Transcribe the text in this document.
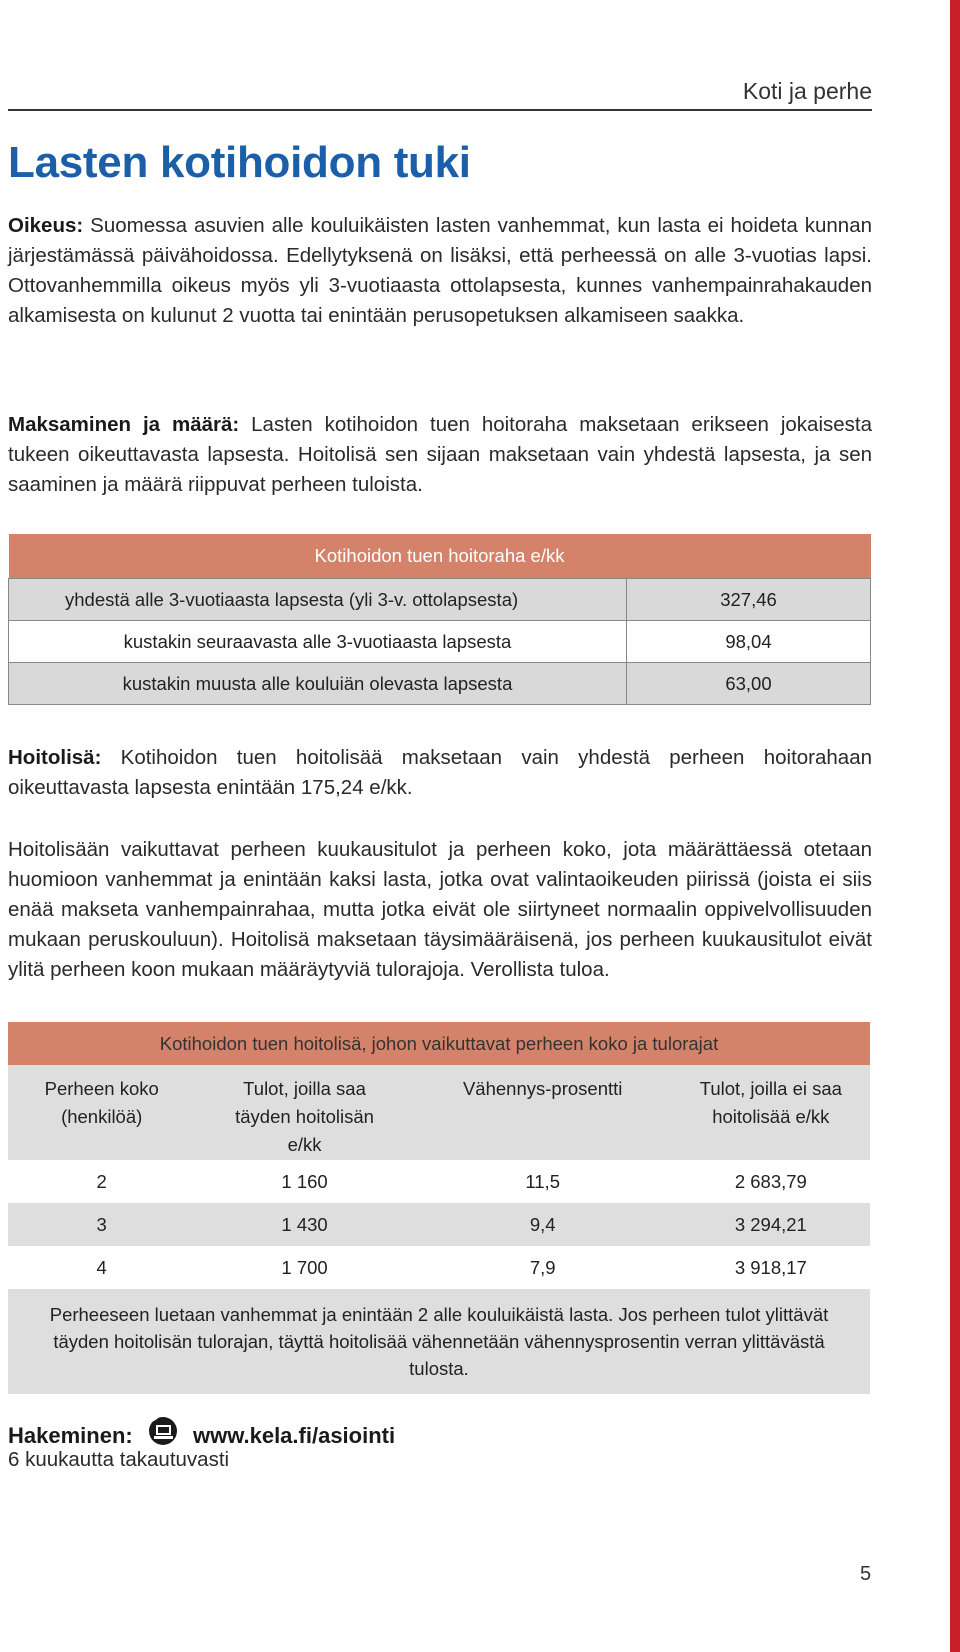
Koti ja perhe
Lasten kotihoidon tuki

Oikeus: Suomessa asuvien alle kouluikäisten lasten vanhemmat, kun lasta ei hoideta kunnan järjestämässä päivähoidossa. Edellytyksenä on lisäksi, että perheessä on alle 3-vuotias lapsi. Ottovanhemmilla oikeus myös yli 3-vuotiaasta ottolapsesta, kunnes vanhempainrahakauden alkamisesta on kulunut 2 vuotta tai enintään perusopetuksen alkamiseen saakka.

Maksaminen ja määrä: Lasten kotihoidon tuen hoitoraha maksetaan erikseen jokaisesta tukeen oikeuttavasta lapsesta. Hoitolisä sen sijaan maksetaan vain yhdestä lapsesta, ja sen saaminen ja määrä riippuvat perheen tuloista.

Kotihoidon tuen hoitoraha e/kk	
yhdestä alle 3-vuotiaasta lapsesta (yli 3-v. ottolapsesta)	327,46
kustakin seuraavasta alle 3-vuotiaasta lapsesta	98,04
kustakin muusta alle kouluiän olevasta lapsesta	63,00

Hoitolisä: Kotihoidon tuen hoitolisää maksetaan vain yhdestä perheen hoitorahaan oikeuttavasta lapsesta enintään 175,24 e/kk.

Hoitolisään vaikuttavat perheen kuukausitulot ja perheen koko, jota määrättäessä otetaan huomioon vanhemmat ja enintään kaksi lasta, jotka ovat valintaoikeuden piirissä (joista ei siis enää makseta vanhempainrahaa, mutta jotka eivät ole siirtyneet normaalin oppivelvollisuuden mukaan peruskouluun). Hoitolisä maksetaan täysimääräisenä, jos perheen kuukausitulot eivät ylitä perheen koon mukaan määräytyviä tulorajoja. Verollista tuloa.

Kotihoidon tuen hoitolisä, johon vaikuttavat perheen koko ja tulorajat			
Perheen koko (henkilöä)	Tulot, joilla saa täyden hoitolisän e/kk	Vähennys-prosentti	Tulot, joilla ei saa hoitolisää e/kk
2	1 160	11,5	2 683,79
3	1 430	9,4	3 294,21
4	1 700	7,9	3 918,17
Perheeseen luetaan vanhemmat ja enintään 2 alle kouluikäistä lasta. Jos perheen tulot ylittävät täyden hoitolisän tulorajan, täyttä hoitolisää vähennetään vähennysprosentin verran ylittävästä tulosta.			
Hakeminen:	www.kela.fi/asiointi
6 kuukautta takautuvasti
5
